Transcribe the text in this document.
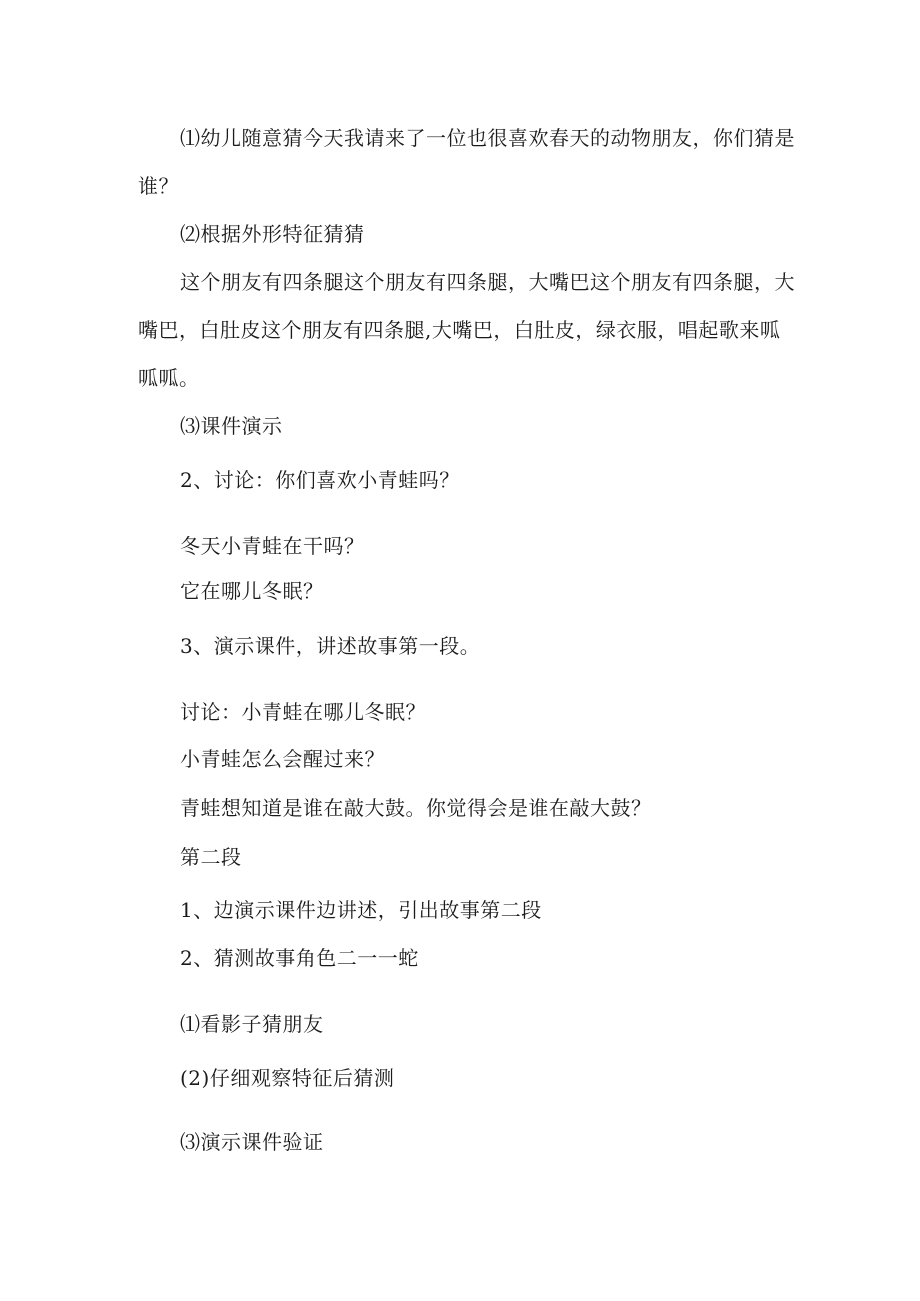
⑴幼儿随意猜今天我请来了一位也很喜欢春天的动物朋友，你们猜是
谁？
⑵根据外形特征猜猜
这个朋友有四条腿这个朋友有四条腿，大嘴巴这个朋友有四条腿，大
嘴巴，白肚皮这个朋友有四条腿,大嘴巴，白肚皮，绿衣服，唱起歌来呱
呱呱。
⑶课件演示
2、讨论：你们喜欢小青蛙吗？
冬天小青蛙在干吗？
它在哪儿冬眠？
3、演示课件，讲述故事第一段。
讨论：小青蛙在哪儿冬眠？
小青蛙怎么会醒过来？
青蛙想知道是谁在敲大鼓。你觉得会是谁在敲大鼓？
第二段
1、边演示课件边讲述，引出故事第二段
2、猜测故事角色二一一蛇
⑴看影子猜朋友
(2)仔细观察特征后猜测
⑶演示课件验证
